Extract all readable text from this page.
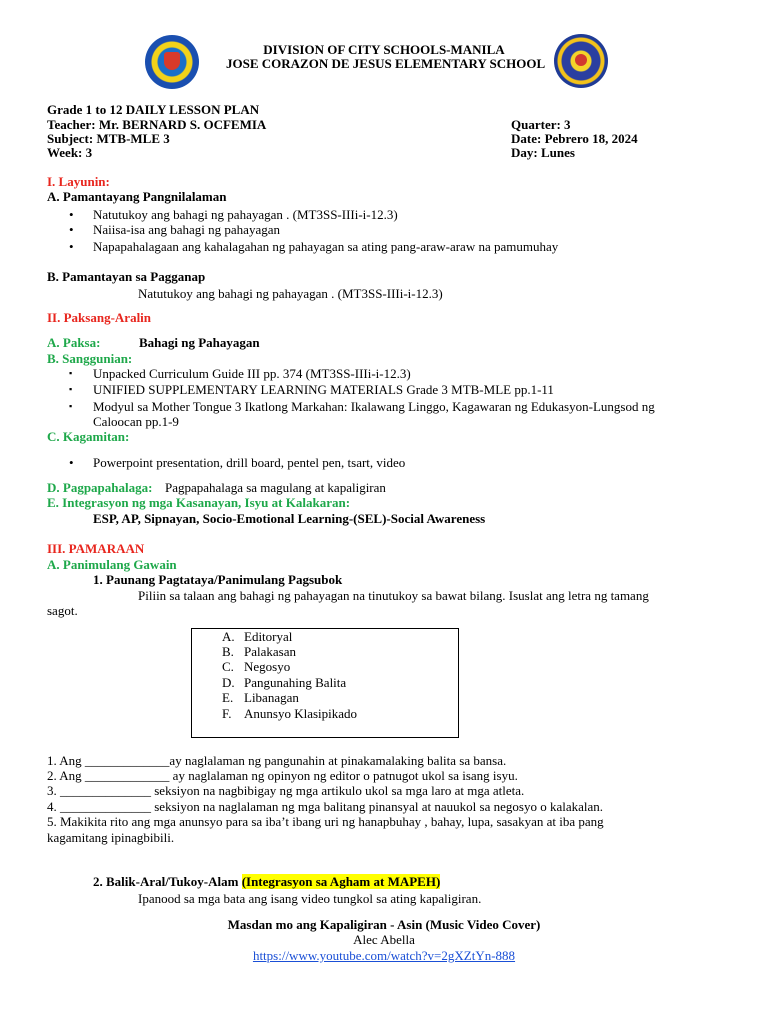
DIVISION OF CITY SCHOOLS-MANILA
JOSE CORAZON DE JESUS ELEMENTARY SCHOOL
Grade 1 to 12 DAILY LESSON PLAN
Teacher: Mr. BERNARD S. OCFEMIA
Subject: MTB-MLE 3
Week: 3
Quarter: 3
Date: Pebrero 18, 2024
Day: Lunes
I. Layunin:
A. Pamantayang Pangnilalaman
• Natutukoy ang bahagi ng pahayagan . (MT3SS-IIIi-i-12.3)
• Naiisa-isa ang bahagi ng pahayagan
• Napapahalagaan ang kahalagahan ng pahayagan sa ating pang-araw-araw na pamumuhay
B. Pamantayan sa Pagganap
Natutukoy ang bahagi ng pahayagan . (MT3SS-IIIi-i-12.3)
II. Paksang-Aralin
A. Paksa:	Bahagi ng Pahayagan
B. Sanggunian:
▪ Unpacked Curriculum Guide III pp. 374 (MT3SS-IIIi-i-12.3)
▪ UNIFIED SUPPLEMENTARY LEARNING MATERIALS Grade 3 MTB-MLE pp.1-11
▪ Modyul sa Mother Tongue 3 Ikatlong Markahan: Ikalawang Linggo, Kagawaran ng Edukasyon-Lungsod ng
Caloocan pp.1-9
C. Kagamitan:
• Powerpoint presentation, drill board, pentel pen, tsart, video
D. Pagpapahalaga: Pagpapahalaga sa magulang at kapaligiran
E. Integrasyon ng mga Kasanayan, Isyu at Kalakaran:
ESP, AP, Sipnayan, Socio-Emotional Learning-(SEL)-Social Awareness
III. PAMARAAN
A. Panimulang Gawain
1. Paunang Pagtataya/Panimulang Pagsubok
Piliin sa talaan ang bahagi ng pahayagan na tinutukoy sa bawat bilang. Isuslat ang letra ng tamang
sagot.
A. Editoryal
B. Palakasan
C. Negosyo
D. Pangunahing Balita
E. Libanagan
F. Anunsyo Klasipikado
1. Ang _____________ay naglalaman ng pangunahin at pinakamalaking balita sa bansa.
2. Ang _____________ ay naglalaman ng opinyon ng editor o patnugot ukol sa isang isyu.
3. ______________ seksiyon na nagbibigay ng mga artikulo ukol sa mga laro at mga atleta.
4. ______________ seksiyon na naglalaman ng mga balitang pinansyal at nauukol sa negosyo o kalakalan.
5. Makikita rito ang mga anunsyo para sa iba’t ibang uri ng hanapbuhay , bahay, lupa, sasakyan at iba pang
kagamitang ipinagbibili.
2. Balik-Aral/Tukoy-Alam (Integrasyon sa Agham at MAPEH)
Ipanood sa mga bata ang isang video tungkol sa ating kapaligiran.
Masdan mo ang Kapaligiran - Asin (Music Video Cover)
Alec Abella
https://www.youtube.com/watch?v=2gXZtYn-888
